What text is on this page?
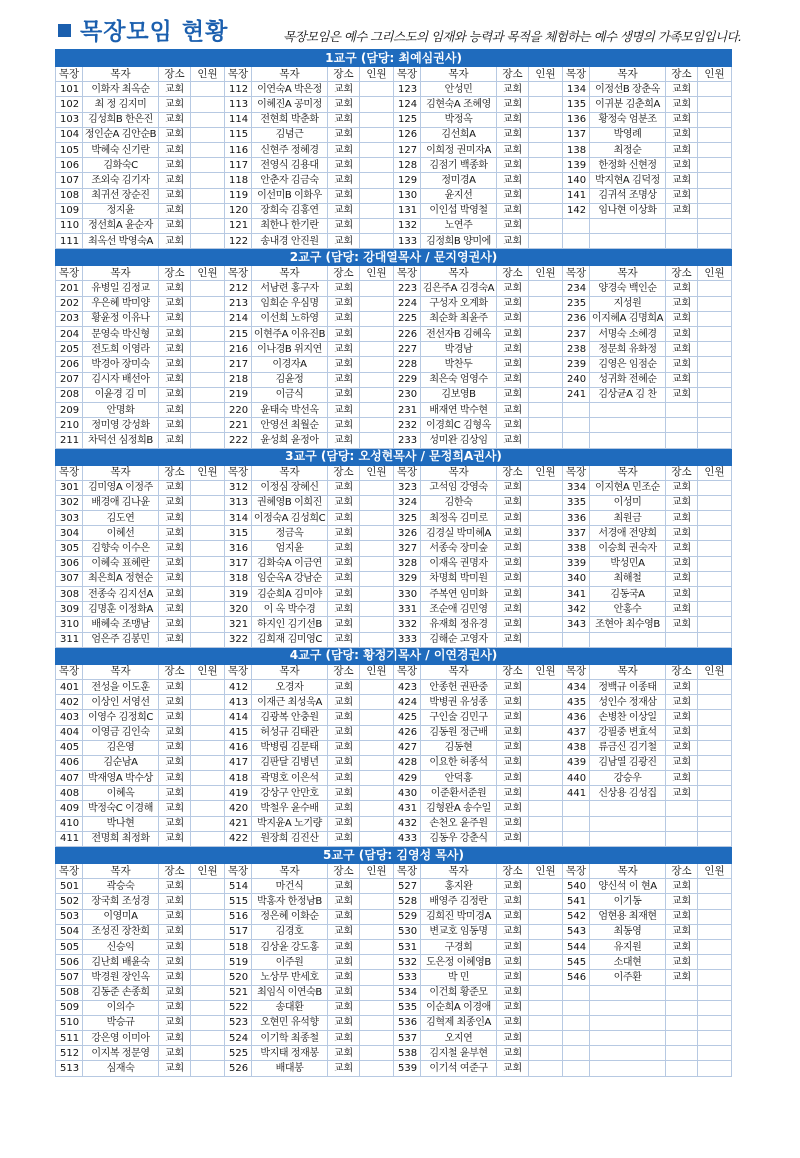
목장모임 현황	목장모임은 예수 그리스도의 임재와 능력과 목적을 체험하는 예수 생명의 가족모임입니다.
1교구 (담당: 최예심권사)															
목장	목자	장소	인원	목장	목자	장소	인원	목장	목자	장소	인원	목장	목자	장소	인원
101	이화자 최옥순	교회		112	이연숙A 박은정	교회		123	안성민	교회		134	이정선B 장춘옥	교회	
102	최 정 김지미	교회		113	이혜진A 공미정	교회		124	김현숙A 조혜영	교회		135	이귀분 김춘희A	교회	
103	김성희B 한은진	교회		114	전현희 박춘화	교회		125	박정옥	교회		136	황정숙 엄분조	교회	
104	정인순A 김안순B	교회		115	김념근	교회		126	김선희A	교회		137	박영례	교회	
105	박혜숙 신기란	교회		116	신현주 정혜경	교회		127	이희정 권미자A	교회		138	최정순	교회	
106	김화숙C	교회		117	전영식 김용대	교회		128	김점기 백종화	교회		139	한정화 신현정	교회	
107	조외숙 김기자	교회		118	안춘자 김금숙	교회		129	정미경A	교회		140	박지현A 김덕정	교회	
108	최귀선 장순진	교회		119	이선미B 이화우	교회		130	윤지선	교회		141	김귀석 조명상	교회	
109	정지윤	교회		120	장희숙 김홍연	교회		131	이인섭 박영철	교회		142	임나현 이상화	교회	
110	정선희A 윤순자	교회		121	최한나 한기란	교회		132	노연주	교회					
111	최옥선 박영숙A	교회		122	송내경 안진원	교회		133	김정희B 양미에	교회					
2교구 (담당: 강대열목사 / 문지영권사)															
목장	목자	장소	인원	목장	목자	장소	인원	목장	목자	장소	인원	목장	목자	장소	인원
201	유병일 김정교	교회		212	서남련 홍구자	교회		223	김은주A 김경숙A	교회		234	양경숙 백인순	교회	
202	우은혜 박미양	교회		213	임희순 우심명	교회		224	구성자 오계화	교회		235	지성원	교회	
203	황윤정 이유나	교회		214	이선희 노하영	교회		225	최순화 최윤주	교회		236	이지혜A 김명희A	교회	
204	문영숙 박신형	교회		215	이현주A 이유진B	교회		226	전선자B 김혜옥	교회		237	서명숙 소혜경	교회	
205	전도희 이영라	교회		216	이나경B 위지연	교회		227	박경남	교회		238	정문희 유화정	교회	
206	박경아 장미숙	교회		217	이경자A	교회		228	박찬두	교회		239	김영은 임점순	교회	
207	김시자 배선아	교회		218	김윤정	교회		229	최은숙 엄영수	교회		240	성귀화 전혜순	교회	
208	이윤경 김 미	교회		219	이금식	교회		230	김보영B	교회		241	김상균A 김 찬	교회	
209	안명화	교회		220	윤태숙 박선옥	교회		231	배재연 박수현	교회					
210	정미영 강성화	교회		221	안영선 최월순	교회		232	이경희C 김형옥	교회					
211	차덕선 심정희B	교회		222	윤성희 윤정아	교회		233	성미완 김상임	교회					
3교구 (담당: 오성현목사 / 문정희A권사)															
목장	목자	장소	인원	목장	목자	장소	인원	목장	목자	장소	인원	목장	목자	장소	인원
301	김미영A 이정주	교회		312	이정심 장혜신	교회		323	고석임 강영숙	교회		334	이지현A 민조순	교회	
302	배경애 김나윤	교회		313	권혜영B 이희진	교회		324	김한숙	교회		335	이성미	교회	
303	김도연	교회		314	이정숙A 김성희C	교회		325	최정옥 김미로	교회		336	최원금	교회	
304	이혜선	교회		315	정금옥	교회		326	김경실 박미혜A	교회		337	서경애 전양희	교회	
305	김향숙 이수은	교회		316	엄지윤	교회		327	서종숙 장미숲	교회		338	이승희 권숙자	교회	
306	이혜숙 표혜란	교회		317	김화숙A 이금연	교회		328	이재옥 권명자	교회		339	박성민A	교회	
307	최은희A 정현순	교회		318	임순옥A 강남순	교회		329	차명희 박미원	교회		340	최해철	교회	
308	전종숙 김지선A	교회		319	김순희A 김미야	교회		330	주복연 임미화	교회		341	김동국A	교회	
309	김명훈 이정화A	교회		320	이 옥 박수경	교회		331	조순애 김민영	교회		342	안홍수	교회	
310	배혜숙 조맹남	교회		321	하지인 김기선B	교회		332	유재희 정유경	교회		343	조현아 최수영B	교회	
311	엄은주 김봉민	교회		322	김희재 김미영C	교회		333	김해순 고영자	교회					
4교구 (담당: 황정기목사 / 이연경권사)															
목장	목자	장소	인원	목장	목자	장소	인원	목장	목자	장소	인원	목장	목자	장소	인원
401	전성을 이도훈	교회		412	오경자	교회		423	안종헌 권판중	교회		434	정백규 이종태	교회	
402	이상인 서영선	교회		413	이재근 최성욱A	교회		424	박병권 유성종	교회		435	성인수 정재삼	교회	
403	이영수 김정희C	교회		414	김광복 안충원	교회		425	구인술 김민구	교회		436	손병찬 이상일	교회	
404	이영금 김인숙	교회		415	허성규 김태관	교회		426	김동원 정근배	교회		437	강필중 변효석	교회	
405	김은영	교회		416	박병림 김문태	교회		427	김동현	교회		438	류금신 김기철	교회	
406	김순남A	교회		417	김판달 김병년	교회		428	이요한 허종석	교회		439	김남열 김광진	교회	
407	박재영A 박수상	교회		418	곽명호 이은석	교회		429	안덕홍	교회		440	강승우	교회	
408	이혜옥	교회		419	강상구 안만호	교회		430	이준환서준원	교회		441	신상용 김성집	교회	
409	박정숙C 이경해	교회		420	박철우 윤수배	교회		431	김형완A 송수일	교회					
410	박나현	교회		421	박지윤A 노기량	교회		432	손천오 윤주원	교회					
411	전명희 최정화	교회		422	원장희 김진산	교회		433	김동우 강춘식	교회					
5교구 (담당: 김영성 목사)															
목장	목자	장소	인원	목장	목자	장소	인원	목장	목자	장소	인원	목장	목자	장소	인원
501	곽승숙	교회		514	마건식	교회		527	홍지완	교회		540	양신석 이 현A	교회	
502	장국희 조성경	교회		515	박홍자 한정남B	교회		528	배영주 김정란	교회		541	이기동	교회	
503	이영미A	교회		516	정은혜 이화순	교회		529	김희진 박미경A	교회		542	엄현용 최재현	교회	
504	조성진 장찬희	교회		517	김경호	교회		530	변교호 임동명	교회		543	최동영	교회	
505	신승익	교회		518	김상윤 강도홍	교회		531	구경회	교회		544	유지원	교회	
506	김난희 배윤숙	교회		519	이주원	교회		532	도은정 이혜영B	교회		545	소대현	교회	
507	박경원 장인옥	교회		520	노상무 반세호	교회		533	박 민	교회		546	이주환	교회	
508	김동준 손종희	교회		521	최임식 이연숙B	교회		534	이건희 황준모	교회					
509	이의수	교회		522	송대환	교회		535	이순희A 이경애	교회					
510	박승규	교회		523	오현민 유석향	교회		536	김혁제 최종인A	교회					
511	강은영 이미아	교회		524	이기학 최종철	교회		537	오지연	교회					
512	이지복 정문영	교회		525	박지태 정재봉	교회		538	김지철 윤부현	교회					
513	심재숙	교회		526	배대봉	교회		539	이기석 여준구	교회					
